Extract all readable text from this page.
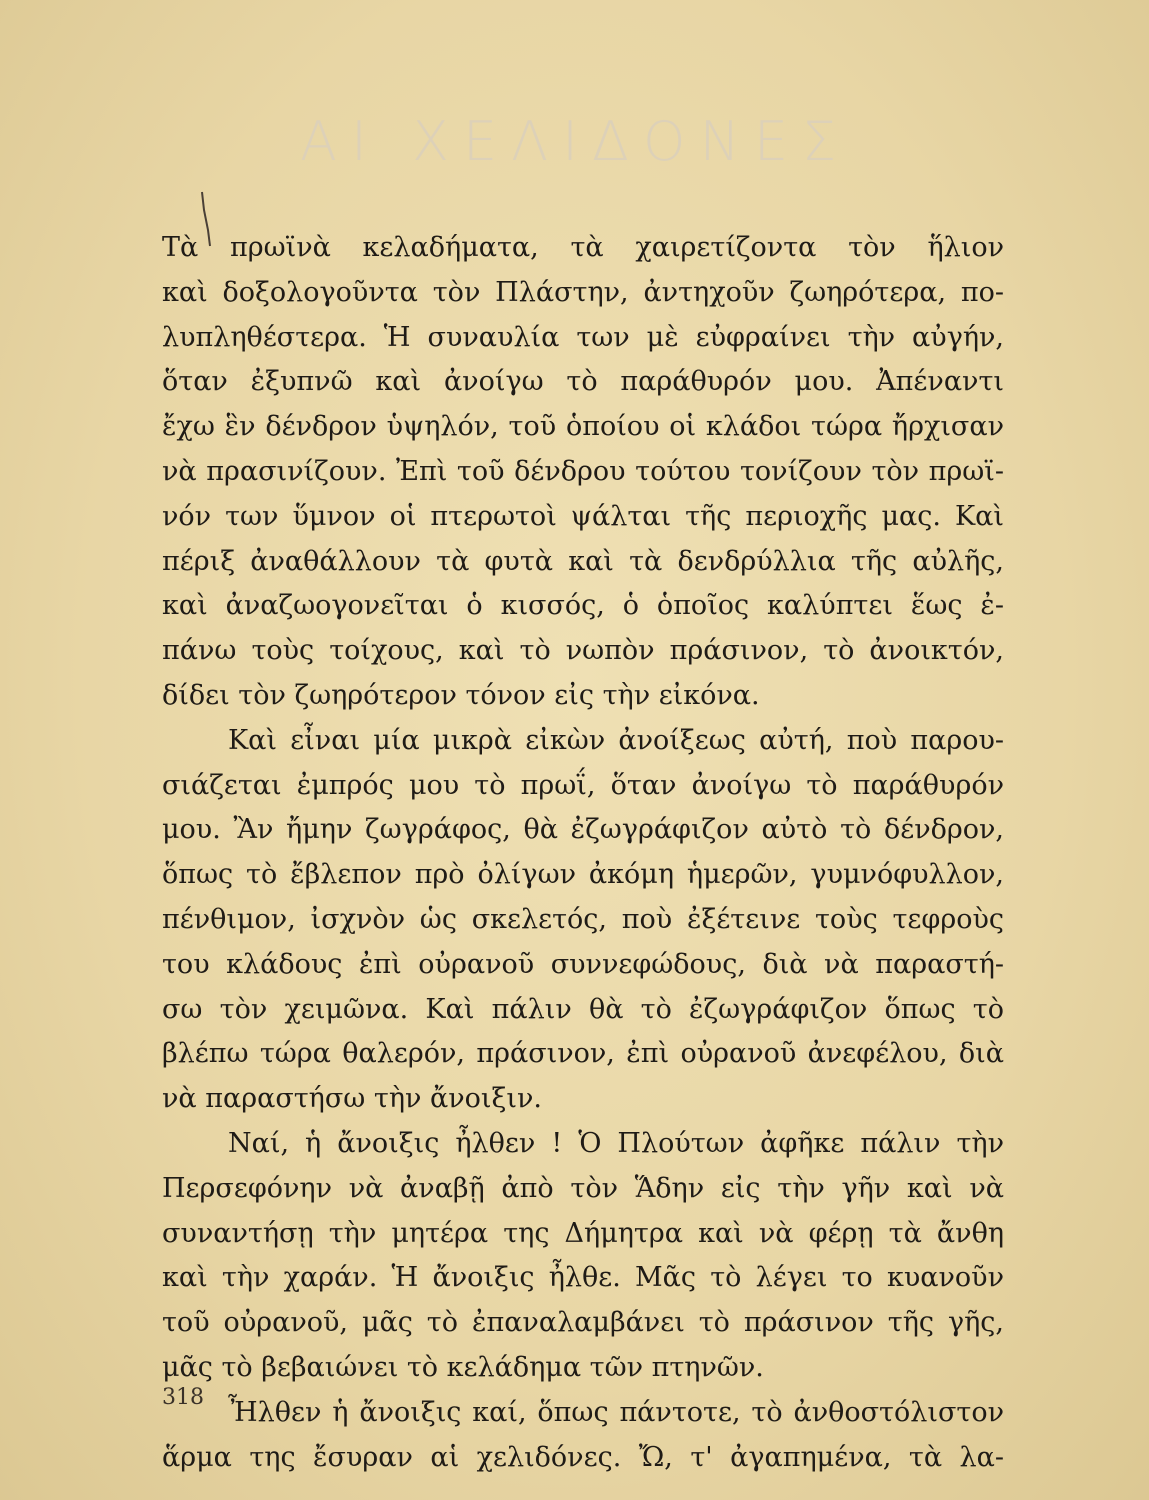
ΑΙ ΧΕΛΙΔΟΝΕΣ
Τὰ πρωϊνὰ κελαδήματα, τὰ χαιρετίζοντα τὸν ἥλιον
καὶ δοξολογοῦντα τὸν Πλάστην, ἀντηχοῦν ζωηρότερα, πο-
λυπληθέστερα. Ἡ συναυλία των μὲ εὐφραίνει τὴν αὐγήν,
ὅταν ἐξυπνῶ καὶ ἀνοίγω τὸ παράθυρόν μου. Ἀπέναντι
ἔχω ἓν δένδρον ὑψηλόν, τοῦ ὁποίου οἱ κλάδοι τώρα ἤρχισαν
νὰ πρασινίζουν. Ἐπὶ τοῦ δένδρου τούτου τονίζουν τὸν πρωϊ-
νόν των ὕμνον οἱ πτερωτοὶ ψάλται τῆς περιοχῆς μας. Καὶ
πέριξ ἀναθάλλουν τὰ φυτὰ καὶ τὰ δενδρύλλια τῆς αὐλῆς,
καὶ ἀναζωογονεῖται ὁ κισσός, ὁ ὁποῖος καλύπτει ἕως ἐ-
πάνω τοὺς τοίχους, καὶ τὸ νωπὸν πράσινον, τὸ ἀνοικτόν,
δίδει τὸν ζωηρότερον τόνον εἰς τὴν εἰκόνα.
Καὶ εἶναι μία μικρὰ εἰκὼν ἀνοίξεως αὐτή, ποὺ παρου-
σιάζεται ἐμπρός μου τὸ πρωΐ, ὅταν ἀνοίγω τὸ παράθυρόν
μου. Ἂν ἤμην ζωγράφος, θὰ ἐζωγράφιζον αὐτὸ τὸ δένδρον,
ὅπως τὸ ἔβλεπον πρὸ ὀλίγων ἀκόμη ἡμερῶν, γυμνόφυλλον,
πένθιμον, ἰσχνὸν ὡς σκελετός, ποὺ ἐξέτεινε τοὺς τεφροὺς
του κλάδους ἐπὶ οὐρανοῦ συννεφώδους, διὰ νὰ παραστή-
σω τὸν χειμῶνα. Καὶ πάλιν θὰ τὸ ἐζωγράφιζον ὅπως τὸ
βλέπω τώρα θαλερόν, πράσινον, ἐπὶ οὐρανοῦ ἀνεφέλου, διὰ
νὰ παραστήσω τὴν ἄνοιξιν.
Ναί, ἡ ἄνοιξις ἦλθεν ! Ὁ Πλούτων ἀφῆκε πάλιν τὴν
Περσεφόνην νὰ ἀναβῇ ἀπὸ τὸν Ἅδην εἰς τὴν γῆν καὶ νὰ
συναντήσῃ τὴν μητέρα της Δήμητρα καὶ νὰ φέρῃ τὰ ἄνθη
καὶ τὴν χαράν. Ἡ ἄνοιξις ἦλθε. Μᾶς τὸ λέγει το κυανοῦν
τοῦ οὐρανοῦ, μᾶς τὸ ἐπαναλαμβάνει τὸ πράσινον τῆς γῆς,
μᾶς τὸ βεβαιώνει τὸ κελάδημα τῶν πτηνῶν.
Ἦλθεν ἡ ἄνοιξις καί, ὅπως πάντοτε, τὸ ἀνθοστόλιστον
ἅρμα της ἔσυραν αἱ χελιδόνες. Ὤ, τ' ἀγαπημένα, τὰ λα-
318
